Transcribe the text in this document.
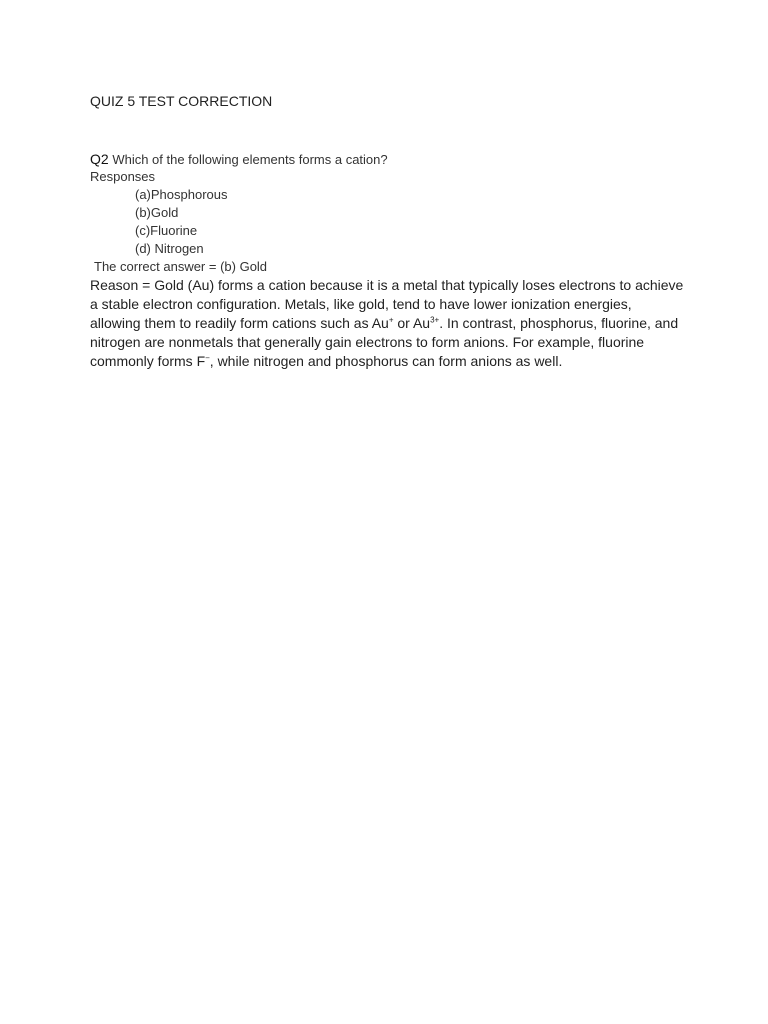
QUIZ 5 TEST CORRECTION
Q2 Which of the following elements forms a cation?
Responses
(a)Phosphorous
(b)Gold
(c)Fluorine
(d) Nitrogen
The correct answer = (b) Gold
Reason = Gold (Au) forms a cation because it is a metal that typically loses electrons to achieve
a stable electron configuration. Metals, like gold, tend to have lower ionization energies,
allowing them to readily form cations such as Au+ or $Au^{3+}$. In contrast, phosphorus, fluorine, and
nitrogen are nonmetals that generally gain electrons to form anions. For example, fluorine
commonly forms F−, while nitrogen and phosphorus can form anions as well.
